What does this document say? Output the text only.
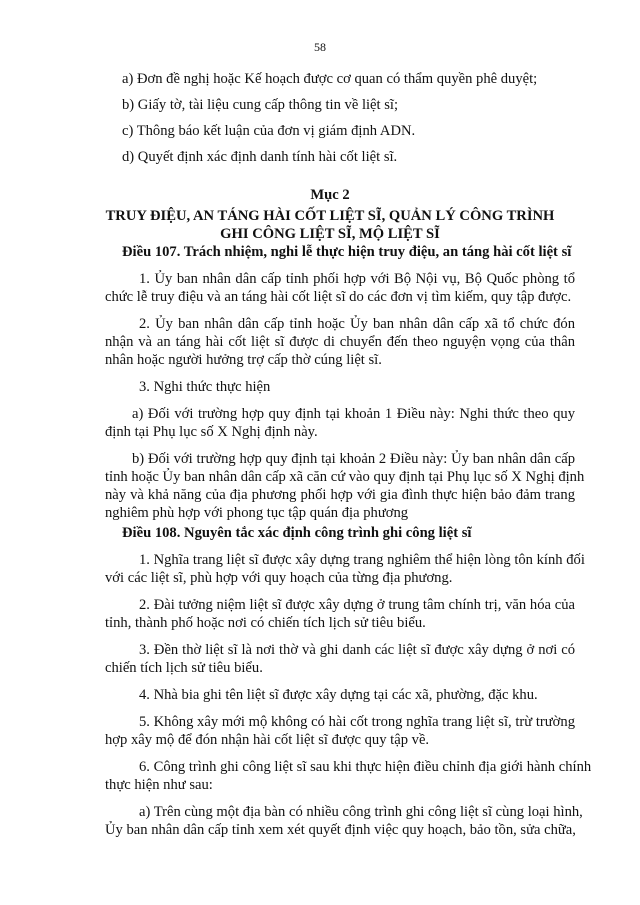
58
a) Đơn đề nghị hoặc Kế hoạch được cơ quan có thẩm quyền phê duyệt;
b) Giấy tờ, tài liệu cung cấp thông tin về liệt sĩ;
c) Thông báo kết luận của đơn vị giám định ADN.
d) Quyết định xác định danh tính hài cốt liệt sĩ.
Mục 2
TRUY ĐIỆU, AN TÁNG HÀI CỐT LIỆT SĨ, QUẢN LÝ CÔNG TRÌNH
GHI CÔNG LIỆT SĨ, MỘ LIỆT SĨ
Điều 107. Trách nhiệm, nghi lễ thực hiện truy điệu, an táng hài cốt liệt sĩ
1. Ủy ban nhân dân cấp tỉnh phối hợp với Bộ Nội vụ, Bộ Quốc phòng tổ
chức lễ truy điệu và an táng hài cốt liệt sĩ do các đơn vị tìm kiếm, quy tập được.
2. Ủy ban nhân dân cấp tỉnh hoặc Ủy ban nhân dân cấp xã tổ chức đón
nhận và an táng hài cốt liệt sĩ được di chuyển đến theo nguyện vọng của thân
nhân hoặc người hưởng trợ cấp thờ cúng liệt sĩ.
3. Nghi thức thực hiện
a) Đối với trường hợp quy định tại khoản 1 Điều này: Nghi thức theo quy
định tại Phụ lục số X Nghị định này.
b) Đối với trường hợp quy định tại khoản 2 Điều này: Ủy ban nhân dân cấp
tỉnh hoặc Ủy ban nhân dân cấp xã căn cứ vào quy định tại Phụ lục số X Nghị định
này và khả năng của địa phương phối hợp với gia đình thực hiện bảo đảm trang
nghiêm phù hợp với phong tục tập quán địa phương
Điều 108. Nguyên tắc xác định công trình ghi công liệt sĩ
1. Nghĩa trang liệt sĩ được xây dựng trang nghiêm thể hiện lòng tôn kính đối
với các liệt sĩ, phù hợp với quy hoạch của từng địa phương.
2. Đài tưởng niệm liệt sĩ được xây dựng ở trung tâm chính trị, văn hóa của
tỉnh, thành phố hoặc nơi có chiến tích lịch sử tiêu biểu.
3. Đền thờ liệt sĩ là nơi thờ và ghi danh các liệt sĩ được xây dựng ở nơi có
chiến tích lịch sử tiêu biểu.
4. Nhà bia ghi tên liệt sĩ được xây dựng tại các xã, phường, đặc khu.
5. Không xây mới mộ không có hài cốt trong nghĩa trang liệt sĩ, trừ trường
hợp xây mộ để đón nhận hài cốt liệt sĩ được quy tập về.
6. Công trình ghi công liệt sĩ sau khi thực hiện điều chỉnh địa giới hành chính
thực hiện như sau:
a) Trên cùng một địa bàn có nhiều công trình ghi công liệt sĩ cùng loại hình,
Ủy ban nhân dân cấp tỉnh xem xét quyết định việc quy hoạch, bảo tồn, sửa chữa,
